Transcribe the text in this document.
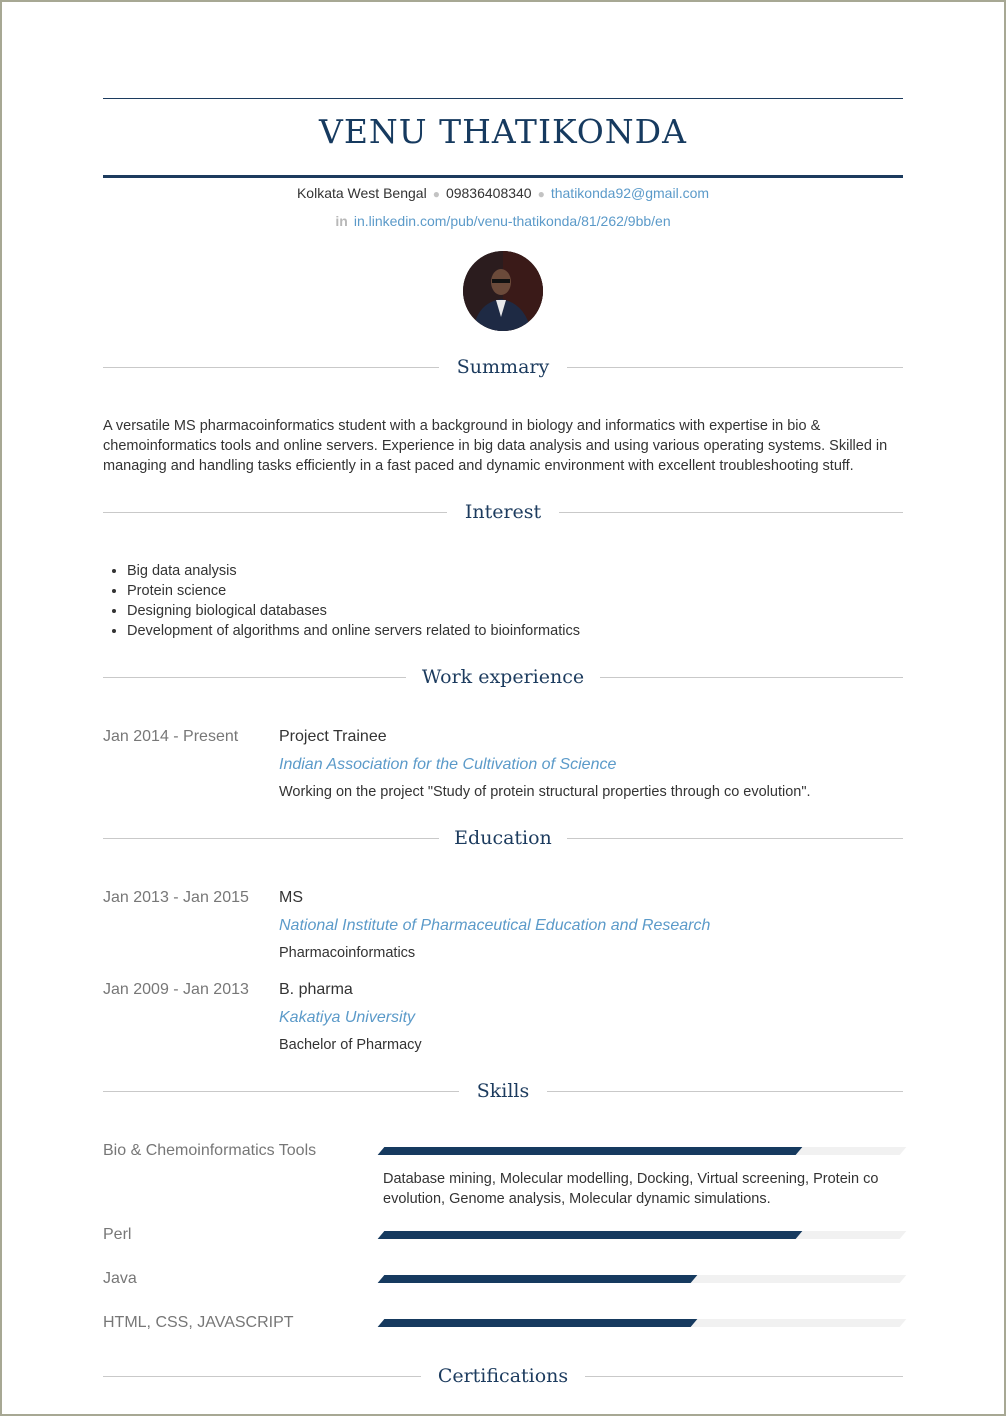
VENU THATIKONDA
Kolkata West Bengal ● 09836408340 ● thatikonda92@gmail.com
in in.linkedin.com/pub/venu-thatikonda/81/262/9bb/en
Summary

A versatile MS pharmacoinformatics student with a background in biology and informatics with expertise in bio & chemoinformatics tools and online servers. Experience in big data analysis and using various operating systems. Skilled in managing and handling tasks efficiently in a fast paced and dynamic environment with excellent troubleshooting stuff.

Interest
• Big data analysis
• Protein science
• Designing biological databases
• Development of algorithms and online servers related to bioinformatics
Work experience
Jan 2014 - Present	Project Trainee
Indian Association for the Cultivation of Science
Working on the project "Study of protein structural properties through co evolution".
Education
Jan 2013 - Jan 2015 MS
National Institute of Pharmaceutical Education and Research
Pharmacoinformatics
Jan 2009 - Jan 2013 B. pharma
Kakatiya University
Bachelor of Pharmacy
Skills
Bio & Chemoinformatics Tools
Database mining, Molecular modelling, Docking, Virtual screening, Protein co evolution, Genome analysis, Molecular dynamic simulations.
Perl
Java
HTML, CSS, JAVASCRIPT
Certifications
